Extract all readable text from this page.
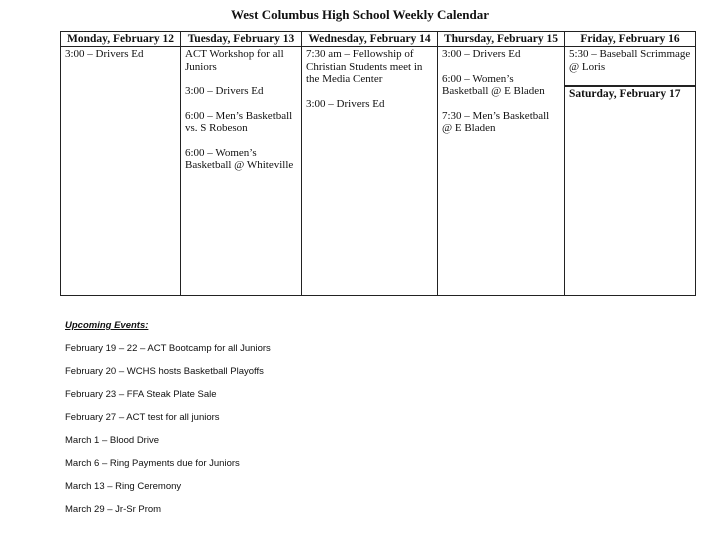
West Columbus High School Weekly Calendar
Monday, February 12
3:00 – Drivers Ed
Tuesday, February 13
ACT Workshop for all Juniors
3:00 – Drivers Ed
6:00 – Men’s Basketball vs. S Robeson
6:00 – Women’s Basketball @ Whiteville
Wednesday, February 14
7:30 am – Fellowship of Christian Students meet in the Media Center
3:00 – Drivers Ed
Thursday, February 15
3:00 – Drivers Ed
6:00 – Women’s Basketball @ E Bladen
7:30 – Men’s Basketball @ E Bladen
Friday, February 16
5:30 – Baseball Scrimmage @ Loris
Saturday, February 17
Upcoming Events:
February 19 – 22 – ACT Bootcamp for all Juniors
February 20 – WCHS hosts Basketball Playoffs
February 23 – FFA Steak Plate Sale
February 27 – ACT test for all juniors
March 1 – Blood Drive
March 6 – Ring Payments due for Juniors
March 13 – Ring Ceremony
March 29 – Jr-Sr Prom
